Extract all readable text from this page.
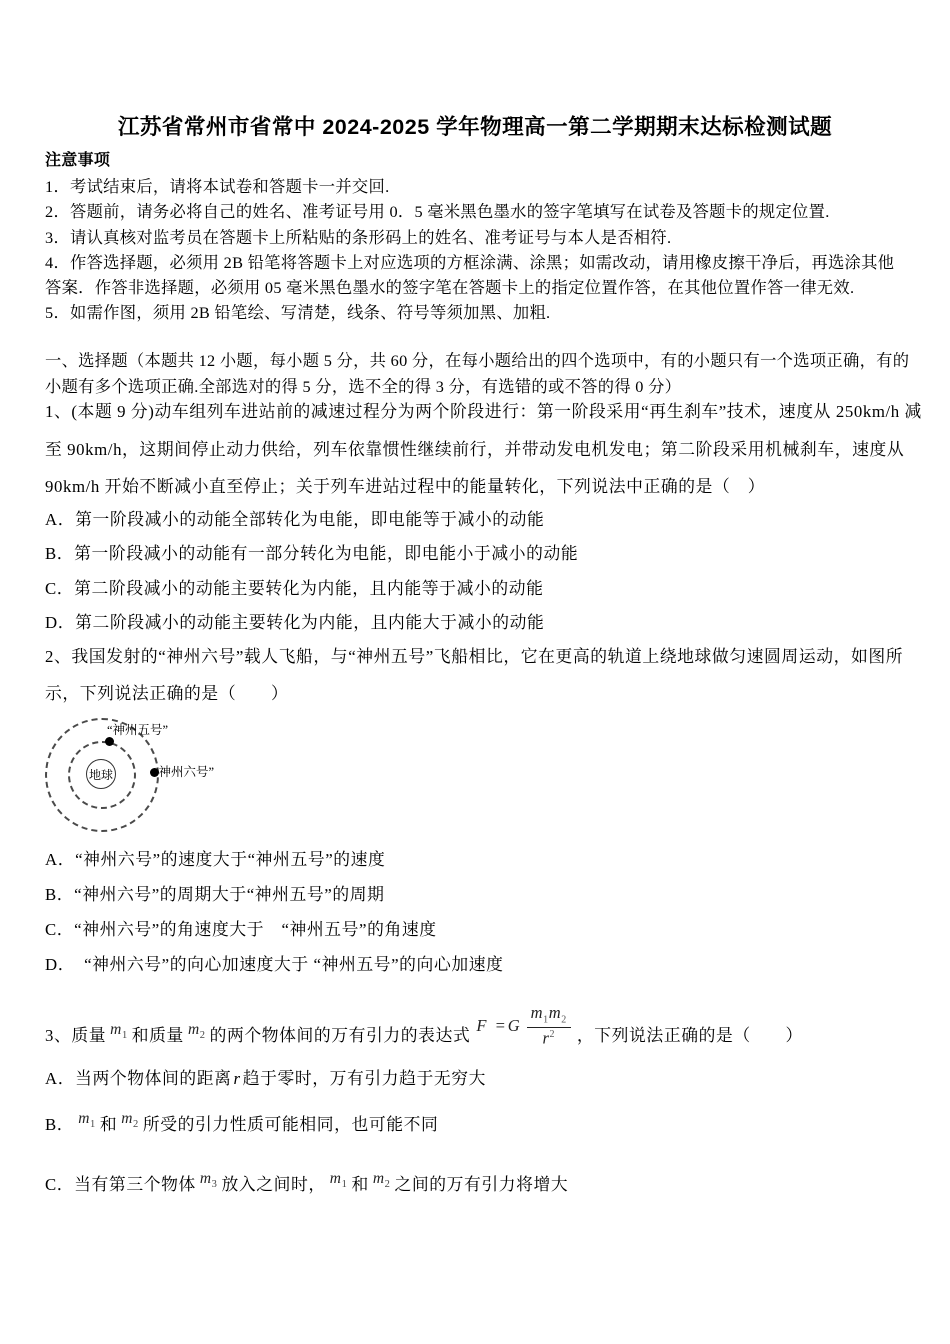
江苏省常州市省常中 2024-2025 学年物理高一第二学期期末达标检测试题
注意事项
1．考试结束后，请将本试卷和答题卡一并交回.
2．答题前，请务必将自己的姓名、准考证号用 0．5 毫米黑色墨水的签字笔填写在试卷及答题卡的规定位置.
3．请认真核对监考员在答题卡上所粘贴的条形码上的姓名、准考证号与本人是否相符.
4．作答选择题，必须用 2B 铅笔将答题卡上对应选项的方框涂满、涂黑；如需改动，请用橡皮擦干净后，再选涂其他
答案．作答非选择题，必须用 05 毫米黑色墨水的签字笔在答题卡上的指定位置作答，在其他位置作答一律无效.
5．如需作图，须用 2B 铅笔绘、写清楚，线条、符号等须加黑、加粗.
一、选择题（本题共 12 小题，每小题 5 分，共 60 分，在每小题给出的四个选项中，有的小题只有一个选项正确，有的
小题有多个选项正确.全部选对的得 5 分，选不全的得 3 分，有选错的或不答的得 0 分）
1、(本题 9 分)动车组列车进站前的减速过程分为两个阶段进行：第一阶段采用“再生刹车”技术，速度从 250km/h 减
至 90km/h，这期间停止动力供给，列车依靠惯性继续前行，并带动发电机发电；第二阶段采用机械刹车，速度从
90km/h 开始不断减小直至停止；关于列车进站过程中的能量转化，下列说法中正确的是（　）
A．第一阶段减小的动能全部转化为电能，即电能等于减小的动能
B．第一阶段减小的动能有一部分转化为电能，即电能小于减小的动能
C．第二阶段减小的动能主要转化为内能，且内能等于减小的动能
D．第二阶段减小的动能主要转化为内能，且内能大于减小的动能
2、我国发射的“神州六号”载人飞船，与“神州五号”飞船相比，它在更高的轨道上绕地球做匀速圆周运动，如图所
示，下列说法正确的是（　　）
地球
“神州五号”
“神州六号”
A．“神州六号”的速度大于“神州五号”的速度
B．“神州六号”的周期大于“神州五号”的周期
C．“神州六号”的角速度大于　“神州五号”的角速度
D．　“神州六号”的向心加速度大于 “神州五号”的向心加速度
3、质量 $m_1$ 和质量 $m_2$ 的两个物体间的万有引力的表达式
$F =G \frac{m_1m_2}{r^2}$ ，下列说法正确的是（　　）
A．当两个物体间的距离 r 趋于零时，万有引力趋于无穷大
B． $m_1$ 和 $m_2$ 所受的引力性质可能相同，也可能不同
C．当有第三个物体 $m_3$ 放入之间时， $m_1$ 和 $m_2$ 之间的万有引力将增大
